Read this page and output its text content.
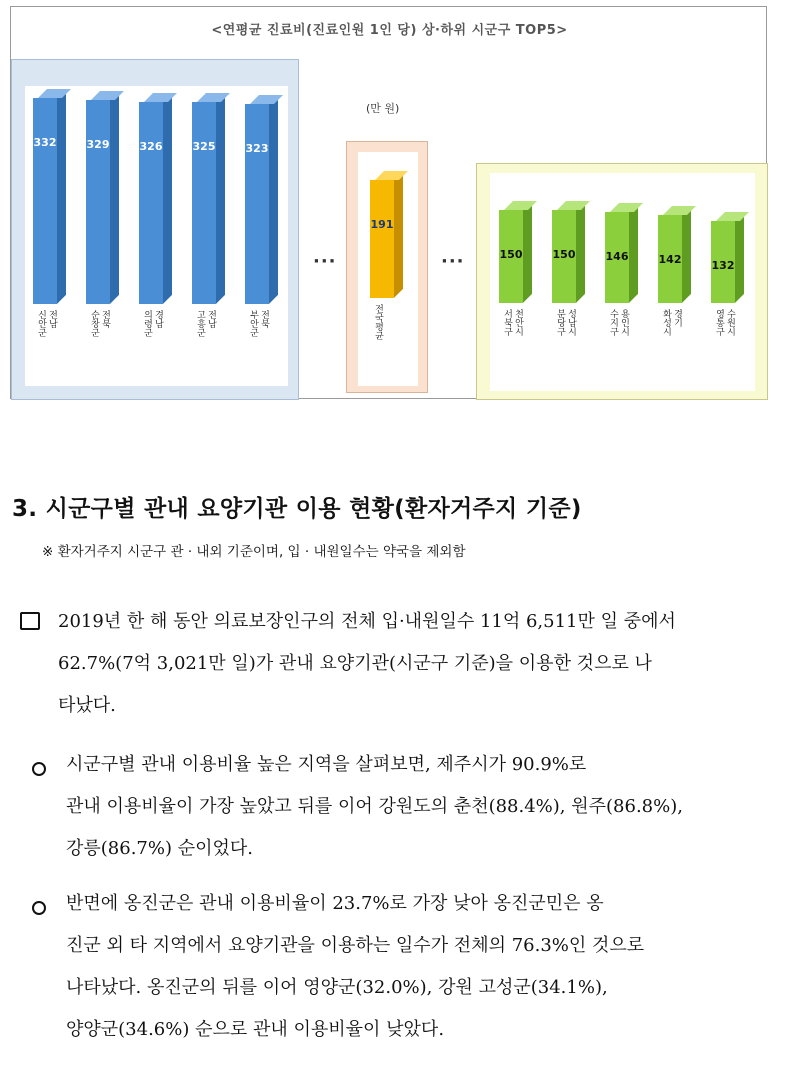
<연평균 진료비(진료인원 1인 당) 상·하위 시군구 TOP5>
332
전남
신안군
329
전북
순창군
326
경남
의령군
325
전남
고흥군
323
전북
부안군
(만 원)
···
191
전국평균
···	150
천안시
서북구
150
성남시
분당구
146
용인시
수지구
142
경기
화성시
132
수원시
영통구
3. 시군구별 관내 요양기관 이용 현황(환자거주지 기준)
※ 환자거주지 시군구 관 · 내외 기준이며, 입 · 내원일수는 약국을 제외함
2019년 한 해 동안 의료보장인구의 전체 입·내원일수 11억 6,511만 일 중에서
62.7%(7억 3,021만 일)가 관내 요양기관(시군구 기준)을 이용한 것으로 나
타났다.
시군구별 관내 이용비율 높은 지역을 살펴보면, 제주시가 90.9%로
관내 이용비율이 가장 높았고 뒤를 이어 강원도의 춘천(88.4%), 원주(86.8%),
강릉(86.7%) 순이었다.
반면에 옹진군은 관내 이용비율이 23.7%로 가장 낮아 옹진군민은 옹
진군 외 타 지역에서 요양기관을 이용하는 일수가 전체의 76.3%인 것으로
나타났다. 옹진군의 뒤를 이어 영양군(32.0%), 강원 고성군(34.1%),
양양군(34.6%) 순으로 관내 이용비율이 낮았다.
